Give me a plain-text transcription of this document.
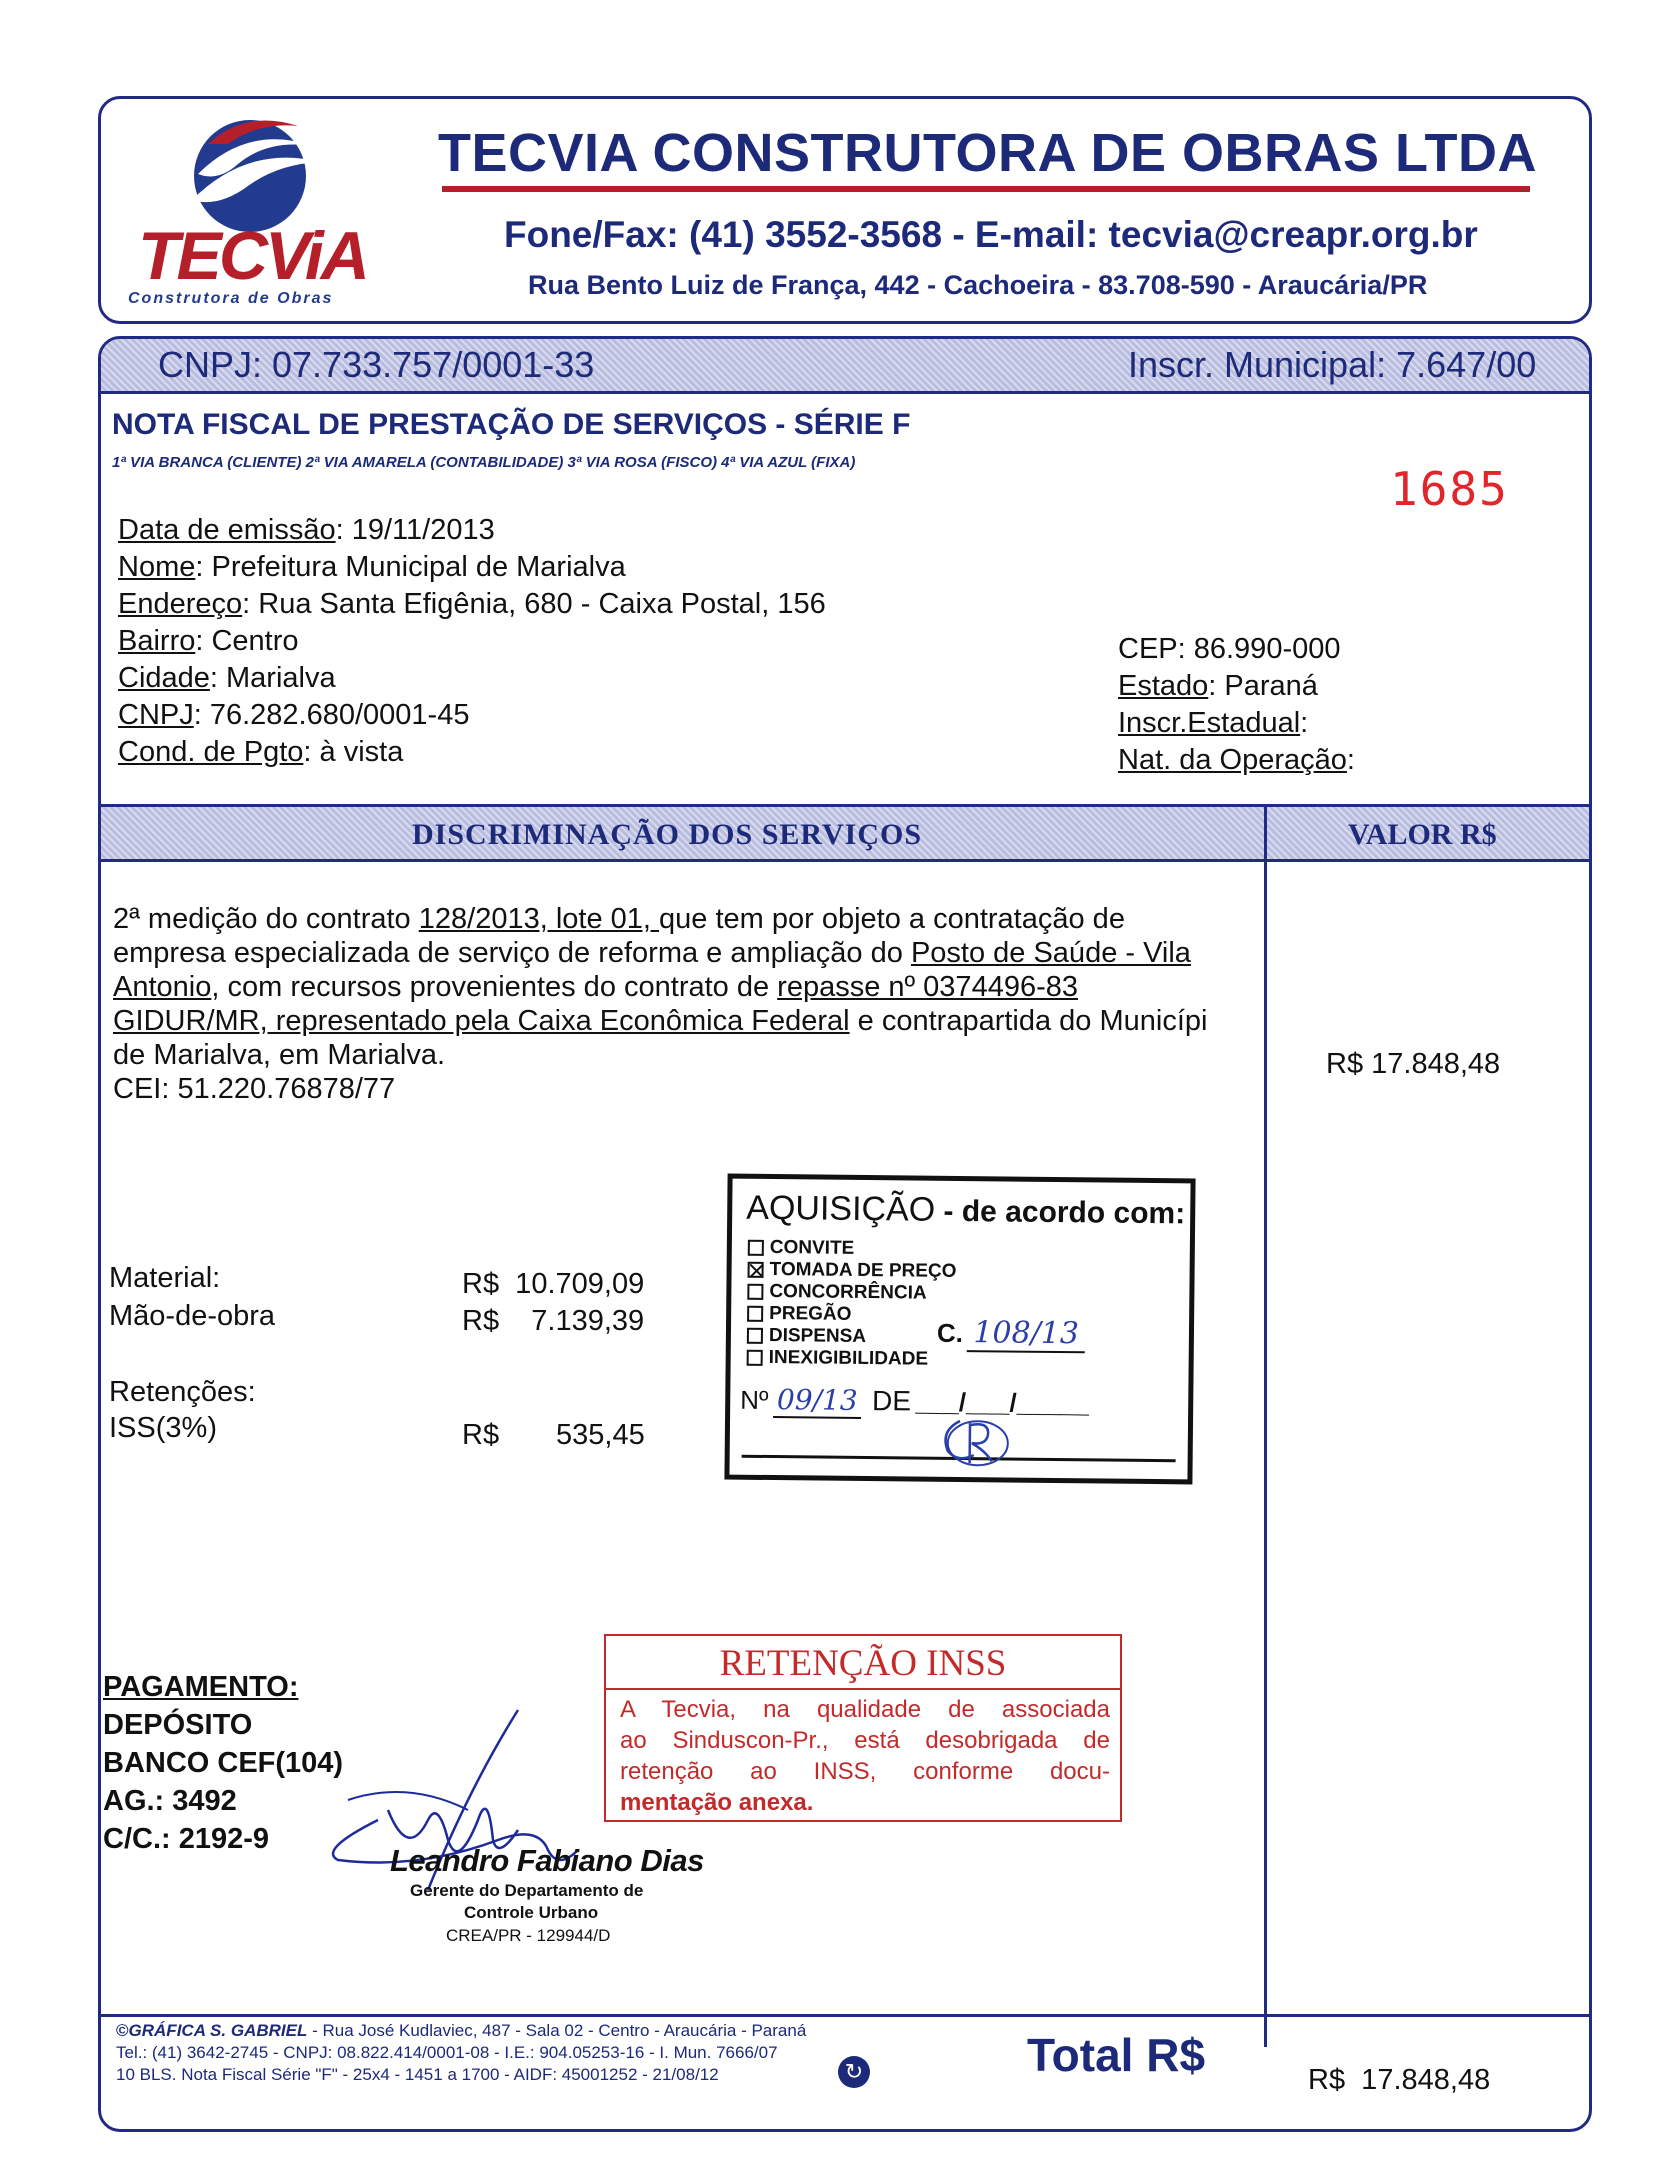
TECViA
Construtora de Obras
TECVIA CONSTRUTORA DE OBRAS LTDA
Fone/Fax: (41) 3552-3568 - E-mail: tecvia@creapr.org.br
Rua Bento Luiz de França, 442 - Cachoeira - 83.708-590 - Araucária/PR
CNPJ: 07.733.757/0001-33	Inscr. Municipal: 7.647/00
NOTA FISCAL DE PRESTAÇÃO DE SERVIÇOS - SÉRIE F
1ª VIA BRANCA (CLIENTE) 2ª VIA AMARELA (CONTABILIDADE) 3ª VIA ROSA (FISCO) 4ª VIA AZUL (FIXA)	1685
Data de emissão: 19/11/2013
Nome: Prefeitura Municipal de Marialva
Endereço: Rua Santa Efigênia, 680 - Caixa Postal, 156
Bairro: Centro
Cidade: Marialva
CNPJ: 76.282.680/0001-45
Cond. de Pgto: à vista
CEP: 86.990-000
Estado: Paraná
Inscr.Estadual:
Nat. da Operação:
DISCRIMINAÇÃO DOS SERVIÇOS	VALOR R$
2ª medição do contrato 128/2013, lote 01, que tem por objeto a contratação de
empresa especializada de serviço de reforma e ampliação do Posto de Saúde - Vila
Antonio, com recursos provenientes do contrato de repasse nº 0374496-83
GIDUR/MR, representado pela Caixa Econômica Federal e contrapartida do Municípi
de Marialva, em Marialva.
CEI: 51.220.76878/77
R$ 17.848,48
Material:	R$  10.709,09
Mão-de-obra	R$    7.139,39
Retenções:
ISS(3%)	R$ 535,45
AQUISIÇÃO - de acordo com:
CONVITE
TOMADA DE PREÇO
CONCORRÊNCIA
PREGÃO
DISPENSA
INEXIGIBILIDADE
C. 108/13
Nº 09/13 DE ___/___/_____
RETENÇÃO INSS
A Tecvia, na qualidade de associada
ao Sinduscon-Pr., está desobrigada de
retenção ao INSS, conforme docu-
mentação anexa.
PAGAMENTO:
DEPÓSITO
BANCO CEF(104)
AG.: 3492
C/C.: 2192-9
Leandro Fabiano Dias
Gerente do Departamento de
Controle Urbano
CREA/PR - 129944/D
©GRÁFICA S. GABRIEL - Rua José Kudlaviec, 487 - Sala 02 - Centro - Araucária - Paraná
Tel.: (41) 3642-2745 - CNPJ: 08.822.414/0001-08 - I.E.: 904.05253-16 - I. Mun. 7666/07
10 BLS. Nota Fiscal Série "F" - 25x4 - 1451 a 1700 - AIDF: 45001252 - 21/08/12	↻	Total R$	R$  17.848,48
